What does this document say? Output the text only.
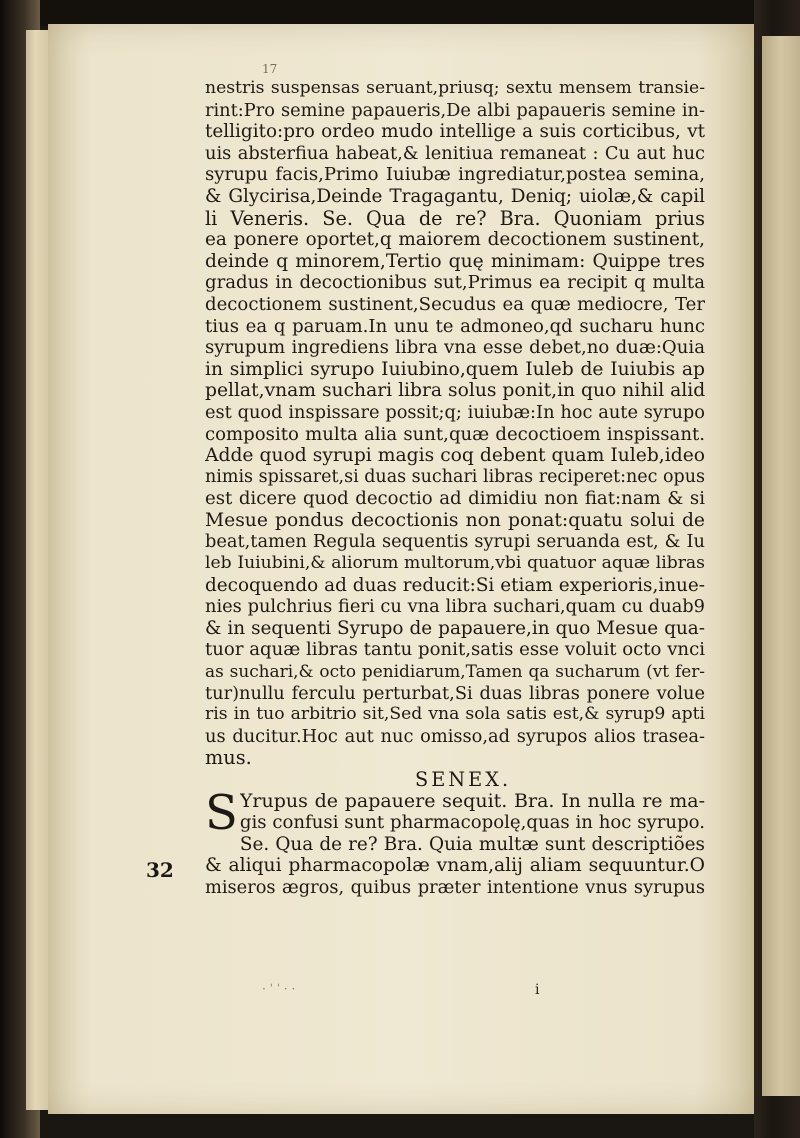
17
32
nestris suspensas seruant,priusq; sextu mensem transie-
rint:Pro semine papaueris,De albi papaueris semine in-
telligito:pro ordeo mudo intellige a suis corticibus, vt
uis absterfiua habeat,& lenitiua remaneat : Cu aut huc
syrupu facis,Primo Iuiubæ ingrediatur,postea semina,
& Glycirisa,Deinde Tragagantu, Deniq; uiolæ,& capil
li Veneris. Se. Qua de re? Bra. Quoniam prius
ea ponere oportet,q maiorem decoctionem sustinent,
deinde q minorem,Tertio quę minimam: Quippe tres
gradus in decoctionibus sut,Primus ea recipit q multa
decoctionem sustinent,Secudus ea quæ mediocre, Ter
tius ea q paruam.In unu te admoneo,qd sucharu hunc
syrupum ingrediens libra vna esse debet,no duæ:Quia
in simplici syrupo Iuiubino,quem Iuleb de Iuiubis ap
pellat,vnam suchari libra solus ponit,in quo nihil alid
est quod inspissare possit;q; iuiubæ:In hoc aute syrupo
composito multa alia sunt,quæ decoctioem inspissant.
Adde quod syrupi magis coq debent quam Iuleb,ideo
nimis spissaret,si duas suchari libras reciperet:nec opus
est dicere quod decoctio ad dimidiu non fiat:nam & si
Mesue pondus decoctionis non ponat:quatu solui de
beat,tamen Regula sequentis syrupi seruanda est, & Iu
leb Iuiubini,& aliorum multorum,vbi quatuor aquæ libras
decoquendo ad duas reducit:Si etiam experioris,inue-
nies pulchrius fieri cu vna libra suchari,quam cu duab9
& in sequenti Syrupo de papauere,in quo Mesue qua-
tuor aquæ libras tantu ponit,satis esse voluit octo vnci
as suchari,& octo penidiarum,Tamen qa sucharum (vt fer-
tur)nullu ferculu perturbat,Si duas libras ponere volue
ris in tuo arbitrio sit,Sed vna sola satis est,& syrup9 apti
us ducitur.Hoc aut nuc omisso,ad syrupos alios trasea-
mus.
SENEX.
S Yrupus de papauere sequit. Bra. In nulla re ma-
gis confusi sunt pharmacopolę,quas in hoc syrupo.
Se. Qua de re? Bra. Quia multæ sunt descriptiões
& aliqui pharmacopolæ vnam,alij aliam sequuntur.O
miseros ægros, quibus præter intentione vnus syrupus
· ˈ ˈ · ·	i
